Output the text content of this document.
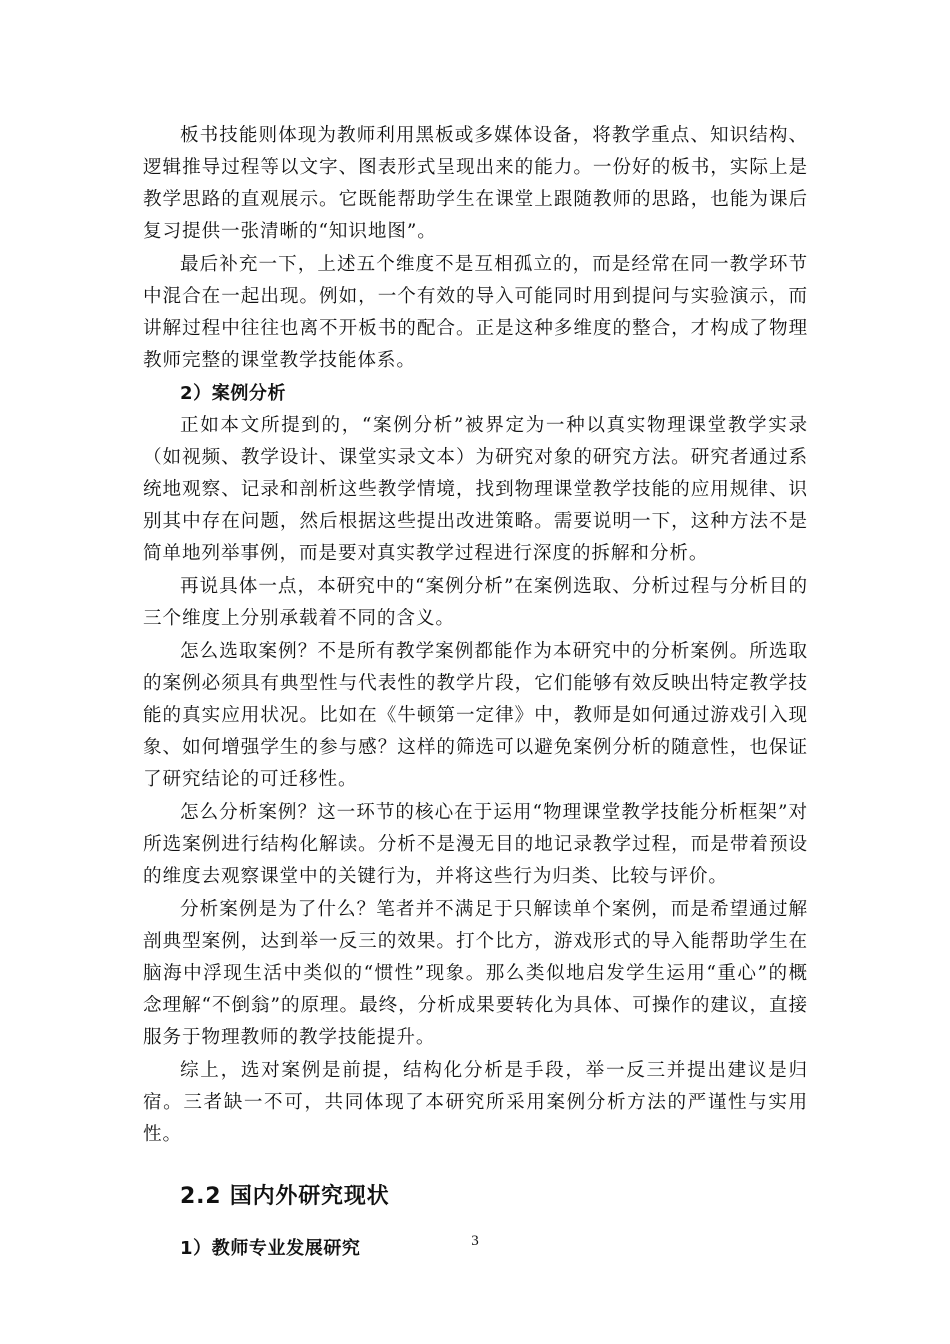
板书技能则体现为教师利用黑板或多媒体设备，将教学重点、知识结构、逻辑推导过程等以文字、图表形式呈现出来的能力。一份好的板书，实际上是教学思路的直观展示。它既能帮助学生在课堂上跟随教师的思路，也能为课后复习提供一张清晰的“知识地图”。

最后补充一下，上述五个维度不是互相孤立的，而是经常在同一教学环节中混合在一起出现。例如，一个有效的导入可能同时用到提问与实验演示，而讲解过程中往往也离不开板书的配合。正是这种多维度的整合，才构成了物理教师完整的课堂教学技能体系。

2）案例分析

正如本文所提到的，“案例分析”被界定为一种以真实物理课堂教学实录（如视频、教学设计、课堂实录文本）为研究对象的研究方法。研究者通过系统地观察、记录和剖析这些教学情境，找到物理课堂教学技能的应用规律、识别其中存在问题，然后根据这些提出改进策略。需要说明一下，这种方法不是简单地列举事例，而是要对真实教学过程进行深度的拆解和分析。

再说具体一点，本研究中的“案例分析”在案例选取、分析过程与分析目的三个维度上分别承载着不同的含义。

怎么选取案例？不是所有教学案例都能作为本研究中的分析案例。所选取的案例必须具有典型性与代表性的教学片段，它们能够有效反映出特定教学技能的真实应用状况。比如在《牛顿第一定律》中，教师是如何通过游戏引入现象、如何增强学生的参与感？这样的筛选可以避免案例分析的随意性，也保证了研究结论的可迁移性。

怎么分析案例？这一环节的核心在于运用“物理课堂教学技能分析框架”对所选案例进行结构化解读。分析不是漫无目的地记录教学过程，而是带着预设的维度去观察课堂中的关键行为，并将这些行为归类、比较与评价。

分析案例是为了什么？笔者并不满足于只解读单个案例，而是希望通过解剖典型案例，达到举一反三的效果。打个比方，游戏形式的导入能帮助学生在脑海中浮现生活中类似的“惯性”现象。那么类似地启发学生运用“重心”的概念理解“不倒翁”的原理。最终，分析成果要转化为具体、可操作的建议，直接服务于物理教师的教学技能提升。

综上，选对案例是前提，结构化分析是手段，举一反三并提出建议是归宿。三者缺一不可，共同体现了本研究所采用案例分析方法的严谨性与实用性。

2.2 国内外研究现状

1）教师专业发展研究	3
